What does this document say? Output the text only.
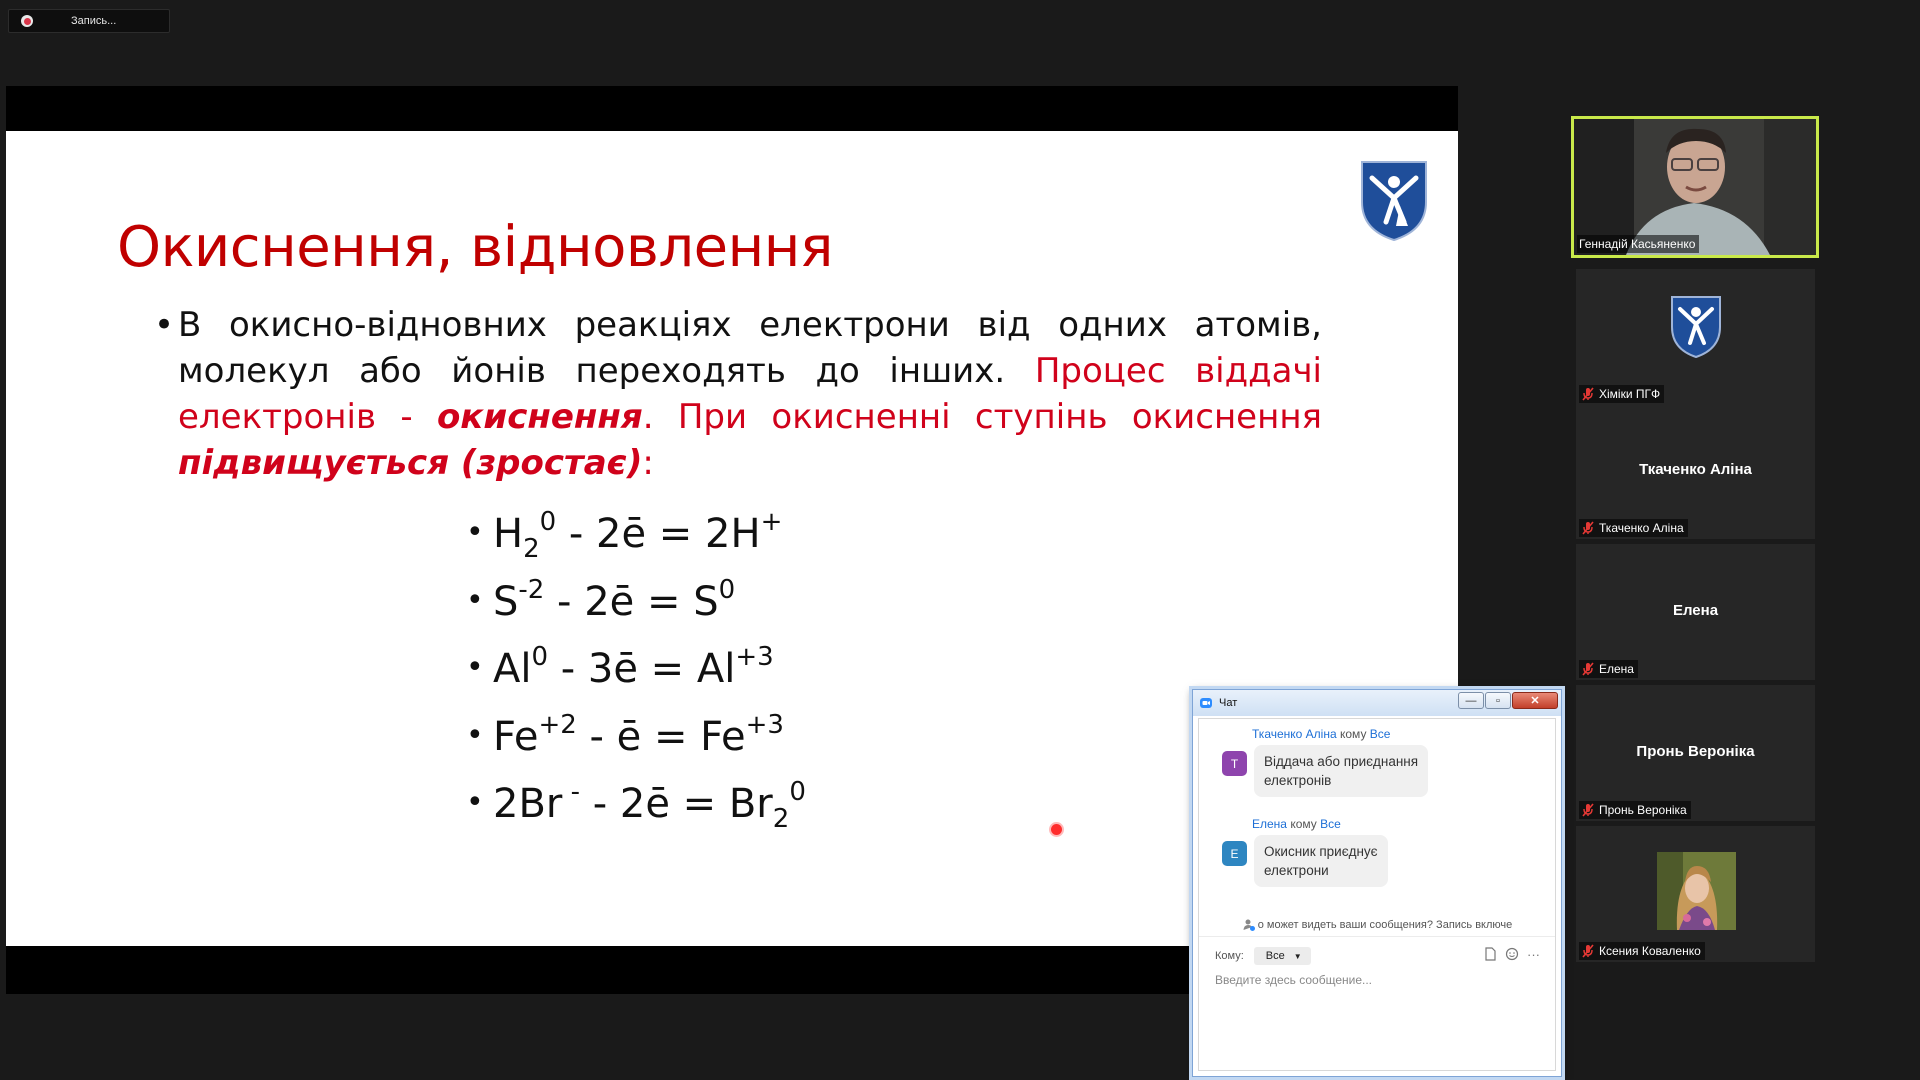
Запись...
Окиснення, відновлення
• В окисно-відновних реакціях електрони від одних атомів, молекул або йонів переходять до інших. Процес віддачі електронів - окиснення. При окисненні ступінь окиснення підвищується (зростає):
• $H_2^0$ - 2ē = 2H+
• $S^{-2}$ - 2ē = $S^0$
• Al$^0$ - 3ē = $Al^{+3}$
• $Fe^{+2}$ - ē = $Fe^{+3}$
• 2Br - - 2ē = $Br_2^0$
Геннадій Касьяненко
Хіміки ПГФ
Ткаченко Аліна
Ткаченко Аліна
Елена
Елена
Пронь Вероніка
Пронь Вероніка
Ксения Коваленко
Чат	—	▫	✕
Ткаченко Аліна кому Все
Т	Віддача або приєднання
електронів
Елена кому Все
Е	Окисник приєднує
електрони
о может видеть ваши сообщения? Запись включе
Кому: Все ▼	···
Введите здесь сообщение...
